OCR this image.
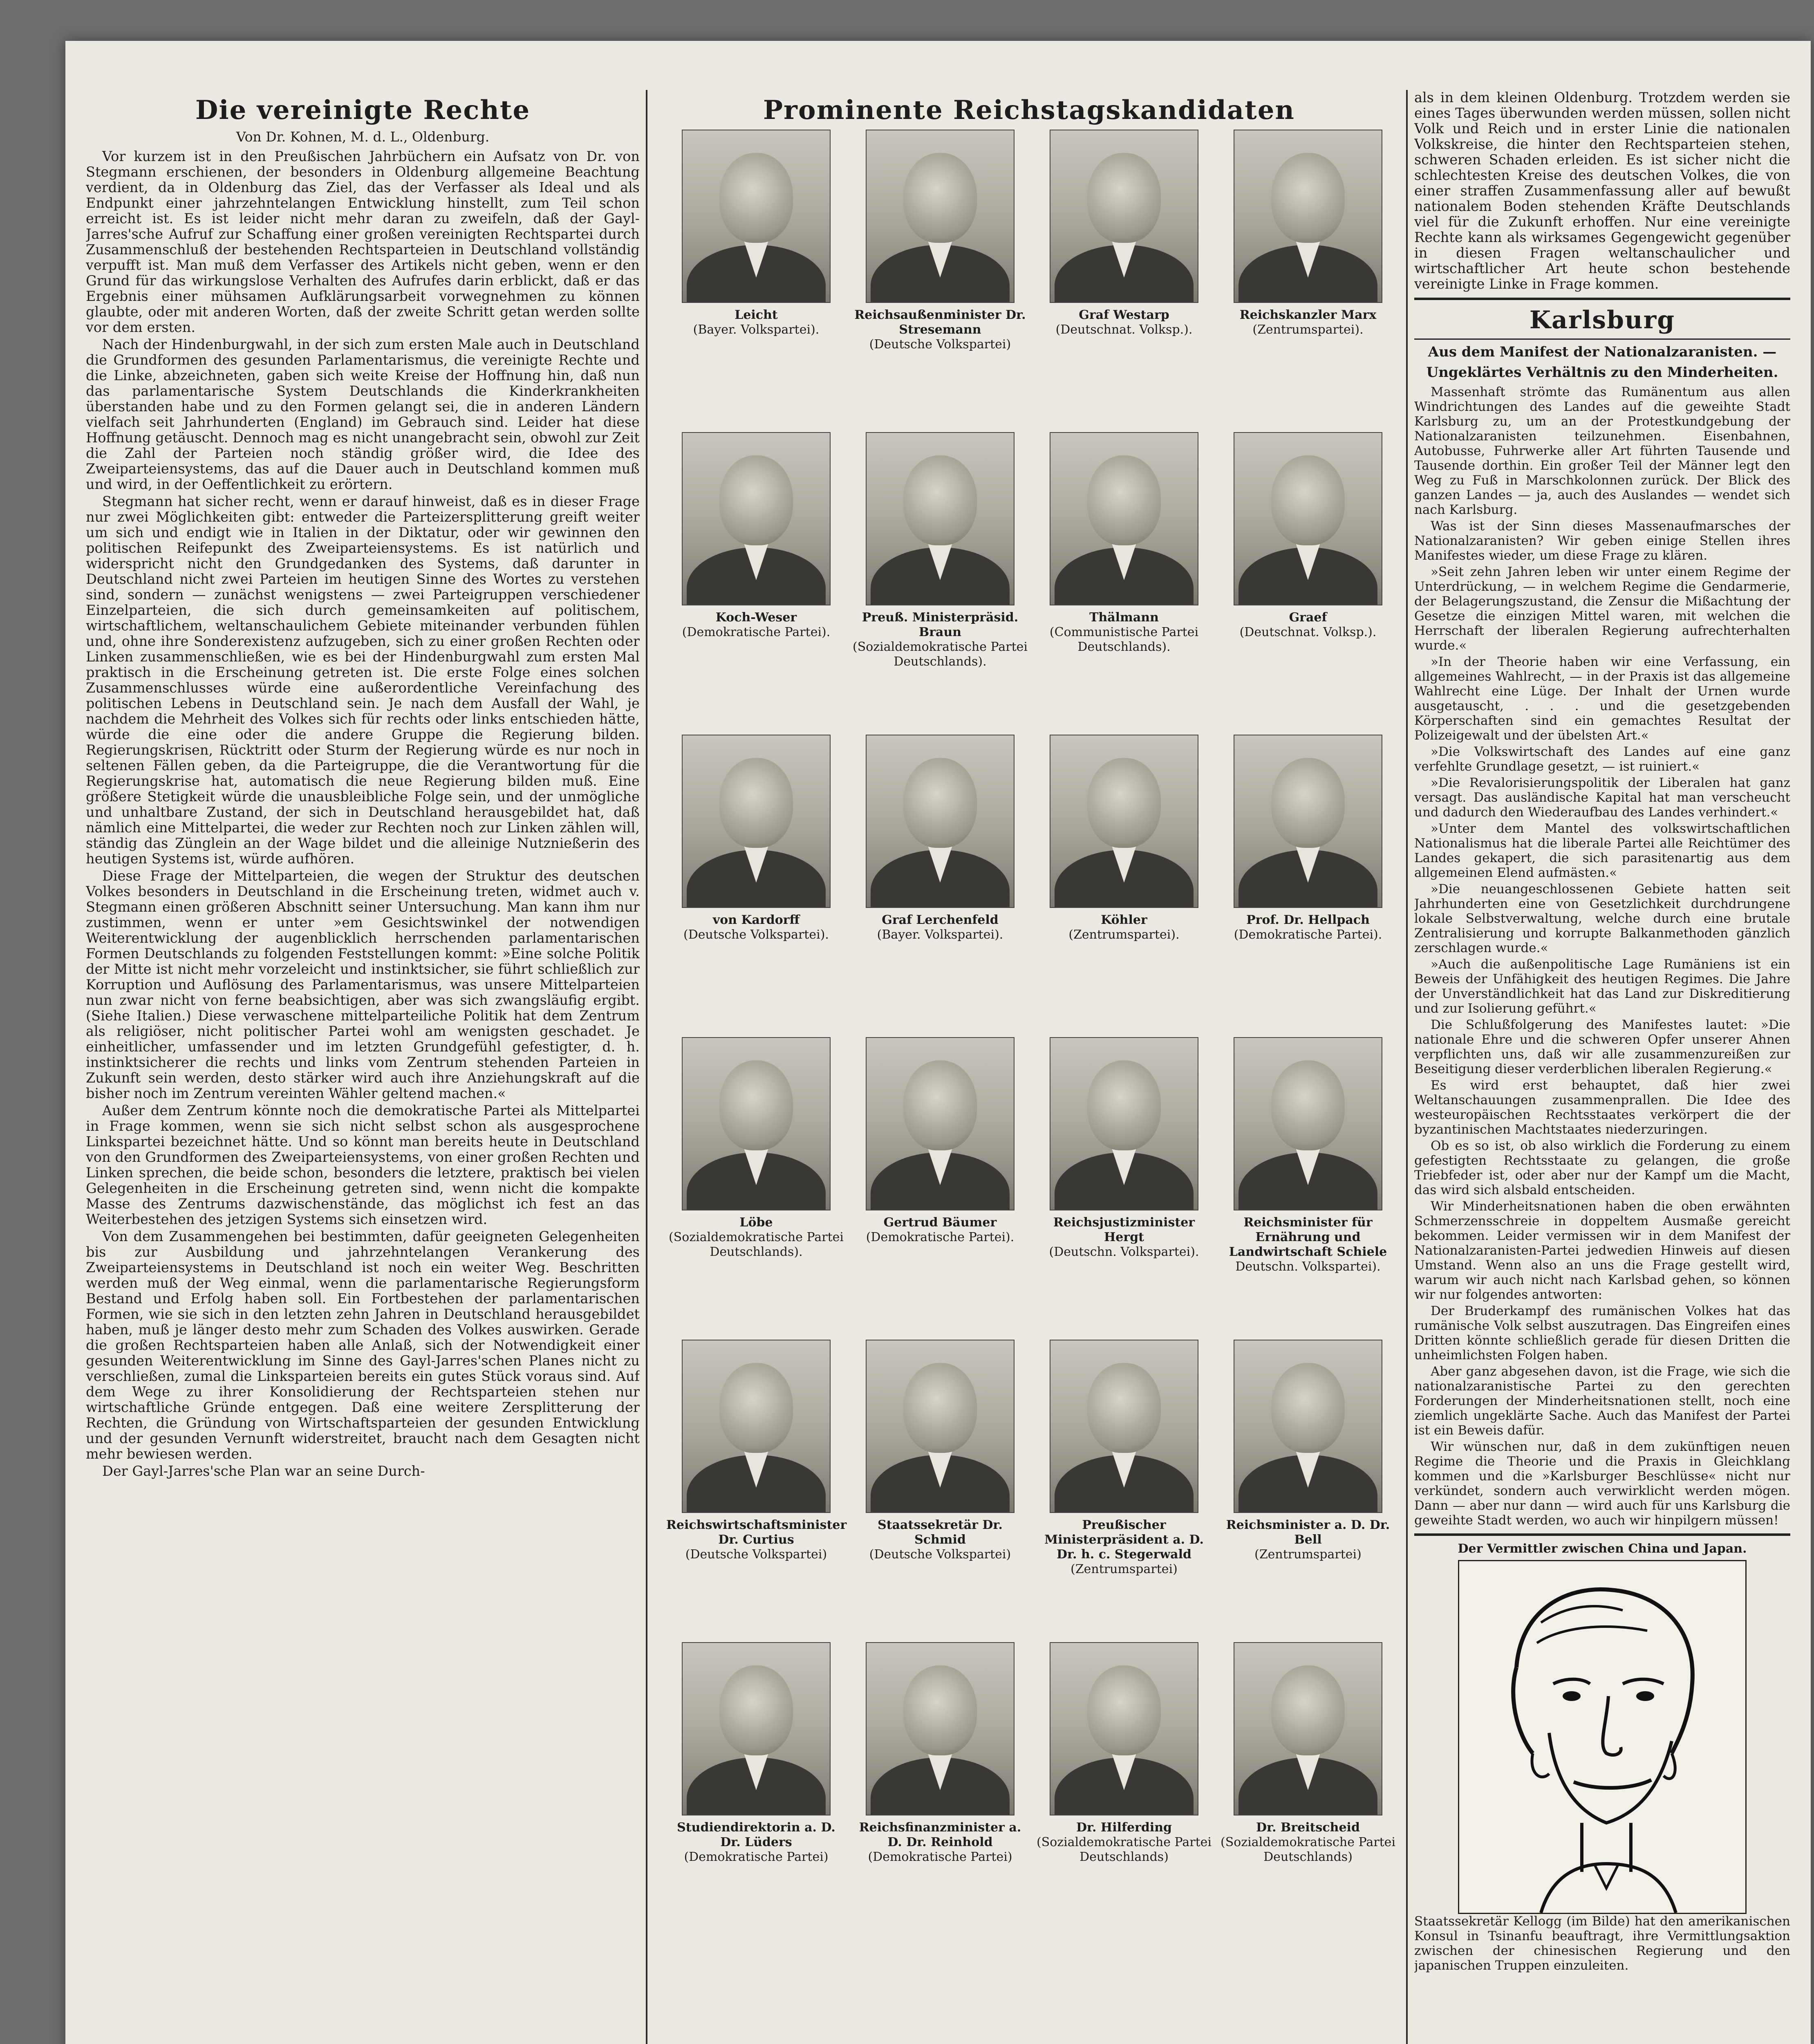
Die vereinigte Rechte
Von Dr. Kohnen, M. d. L., Oldenburg.

Vor kurzem ist in den Preußischen Jahrbüchern ein Aufsatz von Dr. von Stegmann erschienen, der besonders in Oldenburg allgemeine Beachtung verdient, da in Oldenburg das Ziel, das der Verfasser als Ideal und als Endpunkt einer jahrzehntelangen Entwicklung hinstellt, zum Teil schon erreicht ist. Es ist leider nicht mehr daran zu zweifeln, daß der Gayl-Jarres'sche Aufruf zur Schaffung einer großen vereinigten Rechtspartei durch Zusammenschluß der bestehenden Rechtsparteien in Deutschland vollständig verpufft ist. Man muß dem Verfasser des Artikels nicht geben, wenn er den Grund für das wirkungslose Verhalten des Aufrufes darin erblickt, daß er das Ergebnis einer mühsamen Aufklärungsarbeit vorwegnehmen zu können glaubte, oder mit anderen Worten, daß der zweite Schritt getan werden sollte vor dem ersten.

Nach der Hindenburgwahl, in der sich zum ersten Male auch in Deutschland die Grundformen des gesunden Parlamentarismus, die vereinigte Rechte und die Linke, abzeichneten, gaben sich weite Kreise der Hoffnung hin, daß nun das parlamentarische System Deutschlands die Kinderkrankheiten überstanden habe und zu den Formen gelangt sei, die in anderen Ländern vielfach seit Jahrhunderten (England) im Gebrauch sind. Leider hat diese Hoffnung getäuscht. Dennoch mag es nicht unangebracht sein, obwohl zur Zeit die Zahl der Parteien noch ständig größer wird, die Idee des Zweiparteiensystems, das auf die Dauer auch in Deutschland kommen muß und wird, in der Oeffentlichkeit zu erörtern.

Stegmann hat sicher recht, wenn er darauf hinweist, daß es in dieser Frage nur zwei Möglichkeiten gibt: entweder die Parteizersplitterung greift weiter um sich und endigt wie in Italien in der Diktatur, oder wir gewinnen den politischen Reifepunkt des Zweiparteiensystems. Es ist natürlich und widerspricht nicht den Grundgedanken des Systems, daß darunter in Deutschland nicht zwei Parteien im heutigen Sinne des Wortes zu verstehen sind, sondern — zunächst wenigstens — zwei Parteigruppen verschiedener Einzelparteien, die sich durch gemeinsamkeiten auf politischem, wirtschaftlichem, weltanschaulichem Gebiete miteinander verbunden fühlen und, ohne ihre Sonderexistenz aufzugeben, sich zu einer großen Rechten oder Linken zusammenschließen, wie es bei der Hindenburgwahl zum ersten Mal praktisch in die Erscheinung getreten ist. Die erste Folge eines solchen Zusammenschlusses würde eine außerordentliche Vereinfachung des politischen Lebens in Deutschland sein. Je nach dem Ausfall der Wahl, je nachdem die Mehrheit des Volkes sich für rechts oder links entschieden hätte, würde die eine oder die andere Gruppe die Regierung bilden. Regierungskrisen, Rücktritt oder Sturm der Regierung würde es nur noch in seltenen Fällen geben, da die Parteigruppe, die die Verantwortung für die Regierungskrise hat, automatisch die neue Regierung bilden muß. Eine größere Stetigkeit würde die unausbleibliche Folge sein, und der unmögliche und unhaltbare Zustand, der sich in Deutschland herausgebildet hat, daß nämlich eine Mittelpartei, die weder zur Rechten noch zur Linken zählen will, ständig das Zünglein an der Wage bildet und die alleinige Nutznießerin des heutigen Systems ist, würde aufhören.

Diese Frage der Mittelparteien, die wegen der Struktur des deutschen Volkes besonders in Deutschland in die Erscheinung treten, widmet auch v. Stegmann einen größeren Abschnitt seiner Untersuchung. Man kann ihm nur zustimmen, wenn er unter »em Gesichtswinkel der notwendigen Weiterentwicklung der augenblicklich herrschenden parlamentarischen Formen Deutschlands zu folgenden Feststellungen kommt: »Eine solche Politik der Mitte ist nicht mehr vorzeleicht und instinktsicher, sie führt schließlich zur Korruption und Auflösung des Parlamentarismus, was unsere Mittelparteien nun zwar nicht von ferne beabsichtigen, aber was sich zwangsläufig ergibt. (Siehe Italien.) Diese verwaschene mittelparteiliche Politik hat dem Zentrum als religiöser, nicht politischer Partei wohl am wenigsten geschadet. Je einheitlicher, umfassender und im letzten Grundgefühl gefestigter, d. h. instinktsicherer die rechts und links vom Zentrum stehenden Parteien in Zukunft sein werden, desto stärker wird auch ihre Anziehungskraft auf die bisher noch im Zentrum vereinten Wähler geltend machen.«

Außer dem Zentrum könnte noch die demokratische Partei als Mittelpartei in Frage kommen, wenn sie sich nicht selbst schon als ausgesprochene Linkspartei bezeichnet hätte. Und so könnt man bereits heute in Deutschland von den Grundformen des Zweiparteiensystems, von einer großen Rechten und Linken sprechen, die beide schon, besonders die letztere, praktisch bei vielen Gelegenheiten in die Erscheinung getreten sind, wenn nicht die kompakte Masse des Zentrums dazwischenstände, das möglichst ich fest an das Weiterbestehen des jetzigen Systems sich einsetzen wird.

Von dem Zusammengehen bei bestimmten, dafür geeigneten Gelegenheiten bis zur Ausbildung und jahrzehntelangen Verankerung des Zweiparteiensystems in Deutschland ist noch ein weiter Weg. Beschritten werden muß der Weg einmal, wenn die parlamentarische Regierungsform Bestand und Erfolg haben soll. Ein Fortbestehen der parlamentarischen Formen, wie sie sich in den letzten zehn Jahren in Deutschland herausgebildet haben, muß je länger desto mehr zum Schaden des Volkes auswirken. Gerade die großen Rechtsparteien haben alle Anlaß, sich der Notwendigkeit einer gesunden Weiterentwicklung im Sinne des Gayl-Jarres'schen Planes nicht zu verschließen, zumal die Linksparteien bereits ein gutes Stück voraus sind. Auf dem Wege zu ihrer Konsolidierung der Rechtsparteien stehen nur wirtschaftliche Gründe entgegen. Daß eine weitere Zersplitterung der Rechten, die Gründung von Wirtschaftsparteien der gesunden Entwicklung und der gesunden Vernunft widerstreitet, braucht nach dem Gesagten nicht mehr bewiesen werden.

Der Gayl-Jarres'sche Plan war an seine Durch-

Prominente Reichstagskandidaten
Leicht
(Bayer. Volkspartei).
Reichsaußenminister Dr. Stresemann
(Deutsche Volkspartei)
Graf Westarp
(Deutschnat. Volksp.).
Reichskanzler Marx
(Zentrumspartei).
Koch-Weser
(Demokratische Partei).
Preuß. Ministerpräsid. Braun
(Sozialdemokratische Partei Deutschlands).
Thälmann
(Communistische Partei Deutschlands).
Graef
(Deutschnat. Volksp.).
von Kardorff
(Deutsche Volkspartei).
Graf Lerchenfeld
(Bayer. Volkspartei).
Köhler
(Zentrumspartei).
Prof. Dr. Hellpach
(Demokratische Partei).
Löbe
(Sozialdemokratische Partei Deutschlands).
Gertrud Bäumer
(Demokratische Partei).
Reichsjustizminister Hergt
(Deutschn. Volkspartei).
Reichsminister für Ernährung und Landwirtschaft Schiele
Deutschn. Volkspartei).
Reichswirtschaftsminister Dr. Curtius
(Deutsche Volkspartei)
Staatssekretär Dr. Schmid
(Deutsche Volkspartei)
Preußischer Ministerpräsident a. D. Dr. h. c. Stegerwald
(Zentrumspartei)
Reichsminister a. D. Dr. Bell
(Zentrumspartei)
Studiendirektorin a. D. Dr. Lüders
(Demokratische Partei)
Reichsfinanzminister a. D. Dr. Reinhold
(Demokratische Partei)
Dr. Hilferding
(Sozialdemokratische Partei Deutschlands)
Dr. Breitscheid
(Sozialdemokratische Partei Deutschlands)

als in dem kleinen Oldenburg. Trotzdem werden sie eines Tages überwunden werden müssen, sollen nicht Volk und Reich und in erster Linie die nationalen Volkskreise, die hinter den Rechtsparteien stehen, schweren Schaden erleiden. Es ist sicher nicht die schlechtesten Kreise des deutschen Volkes, die von einer straffen Zusammenfassung aller auf bewußt nationalem Boden stehenden Kräfte Deutschlands viel für die Zukunft erhoffen. Nur eine vereinigte Rechte kann als wirksames Gegengewicht gegenüber in diesen Fragen weltanschaulicher und wirtschaftlicher Art heute schon bestehende vereinigte Linke in Frage kommen.

Karlsburg
Aus dem Manifest der Nationalzaranisten. —
Ungeklärtes Verhältnis zu den Minderheiten.

Massenhaft strömte das Rumänentum aus allen Windrichtungen des Landes auf die geweihte Stadt Karlsburg zu, um an der Protestkundgebung der Nationalzaranisten teilzunehmen. Eisenbahnen, Autobusse, Fuhrwerke aller Art führten Tausende und Tausende dorthin. Ein großer Teil der Männer legt den Weg zu Fuß in Marschkolonnen zurück. Der Blick des ganzen Landes — ja, auch des Auslandes — wendet sich nach Karlsburg.

Was ist der Sinn dieses Massenaufmarsches der Nationalzaranisten? Wir geben einige Stellen ihres Manifestes wieder, um diese Frage zu klären.

»Seit zehn Jahren leben wir unter einem Regime der Unterdrückung, — in welchem Regime die Gendarmerie, der Belagerungszustand, die Zensur die Mißachtung der Gesetze die einzigen Mittel waren, mit welchen die Herrschaft der liberalen Regierung aufrechterhalten wurde.«

»In der Theorie haben wir eine Verfassung, ein allgemeines Wahlrecht, — in der Praxis ist das allgemeine Wahlrecht eine Lüge. Der Inhalt der Urnen wurde ausgetauscht, . . . und die gesetzgebenden Körperschaften sind ein gemachtes Resultat der Polizeigewalt und der übelsten Art.«

»Die Volkswirtschaft des Landes auf eine ganz verfehlte Grundlage gesetzt, — ist ruiniert.«

»Die Revalorisierungspolitik der Liberalen hat ganz versagt. Das ausländische Kapital hat man verscheucht und dadurch den Wiederaufbau des Landes verhindert.«

»Unter dem Mantel des volkswirtschaftlichen Nationalismus hat die liberale Partei alle Reichtümer des Landes gekapert, die sich parasitenartig aus dem allgemeinen Elend aufmästen.«

»Die neuangeschlossenen Gebiete hatten seit Jahrhunderten eine von Gesetzlichkeit durchdrungene lokale Selbstverwaltung, welche durch eine brutale Zentralisierung und korrupte Balkanmethoden gänzlich zerschlagen wurde.«

»Auch die außenpolitische Lage Rumäniens ist ein Beweis der Unfähigkeit des heutigen Regimes. Die Jahre der Unverständlichkeit hat das Land zur Diskreditierung und zur Isolierung geführt.«

Die Schlußfolgerung des Manifestes lautet: »Die nationale Ehre und die schweren Opfer unserer Ahnen verpflichten uns, daß wir alle zusammenzureißen zur Beseitigung dieser verderblichen liberalen Regierung.«

Es wird erst behauptet, daß hier zwei Weltanschauungen zusammenprallen. Die Idee des westeuropäischen Rechtsstaates verkörpert die der byzantinischen Machtstaates niederzuringen.

Ob es so ist, ob also wirklich die Forderung zu einem gefestigten Rechtsstaate zu gelangen, die große Triebfeder ist, oder aber nur der Kampf um die Macht, das wird sich alsbald entscheiden.

Wir Minderheitsnationen haben die oben erwähnten Schmerzensschreie in doppeltem Ausmaße gereicht bekommen. Leider vermissen wir in dem Manifest der Nationalzaranisten-Partei jedwedien Hinweis auf diesen Umstand. Wenn also an uns die Frage gestellt wird, warum wir auch nicht nach Karlsbad gehen, so können wir nur folgendes antworten:

Der Bruderkampf des rumänischen Volkes hat das rumänische Volk selbst auszutragen. Das Eingreifen eines Dritten könnte schließlich gerade für diesen Dritten die unheimlichsten Folgen haben.

Aber ganz abgesehen davon, ist die Frage, wie sich die nationalzaranistische Partei zu den gerechten Forderungen der Minderheitsnationen stellt, noch eine ziemlich ungeklärte Sache. Auch das Manifest der Partei ist ein Beweis dafür.

Wir wünschen nur, daß in dem zukünftigen neuen Regime die Theorie und die Praxis in Gleichklang kommen und die »Karlsburger Beschlüsse« nicht nur verkündet, sondern auch verwirklicht werden mögen. Dann — aber nur dann — wird auch für uns Karlsburg die geweihte Stadt werden, wo auch wir hinpilgern müssen!

Der Vermittler zwischen China und Japan.

Staatssekretär Kellogg (im Bilde) hat den amerikanischen Konsul in Tsinanfu beauftragt, ihre Vermittlungsaktion zwischen der chinesischen Regierung und den japanischen Truppen einzuleiten.
